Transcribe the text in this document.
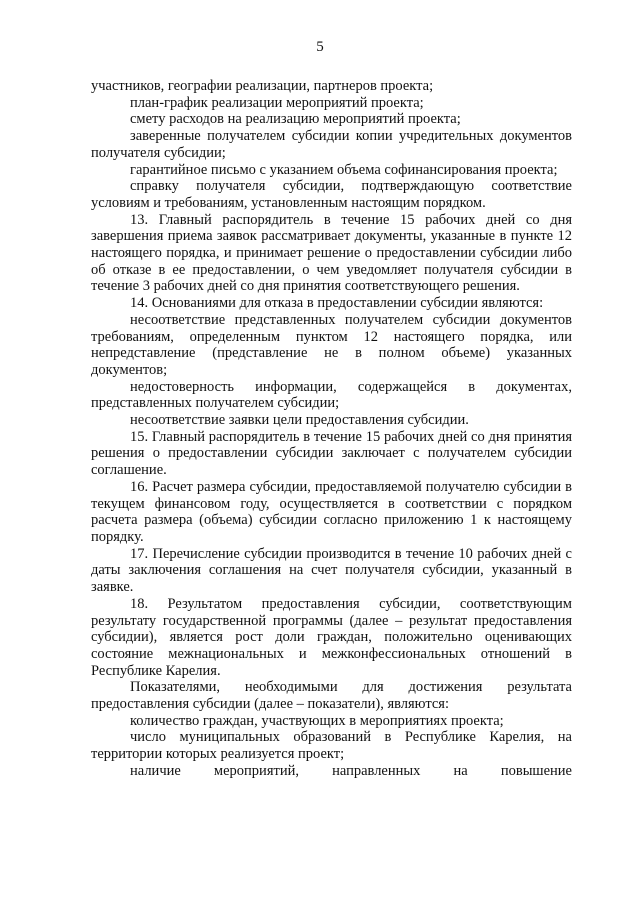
5

участников, географии реализации, партнеров проекта;

план-график реализации мероприятий проекта;

смету расходов на реализацию мероприятий проекта;

заверенные получателем субсидии копии учредительных документов получателя субсидии;

гарантийное письмо с указанием объема софинансирования проекта;

справку получателя субсидии, подтверждающую соответствие условиям и требованиям, установленным настоящим порядком.

13. Главный распорядитель в течение 15 рабочих дней со дня завершения приема заявок рассматривает документы, указанные в пункте 12 настоящего порядка, и принимает решение о предоставлении субсидии либо об отказе в ее предоставлении, о чем уведомляет получателя субсидии в течение 3 рабочих дней со дня принятия соответствующего решения.

14. Основаниями для отказа в предоставлении субсидии являются:

несоответствие представленных получателем субсидии документов требованиям, определенным пунктом 12 настоящего порядка, или непредставление (представление не в полном объеме) указанных документов;

недостоверность информации, содержащейся в документах, представленных получателем субсидии;

несоответствие заявки цели предоставления субсидии.

15. Главный распорядитель в течение 15 рабочих дней со дня принятия решения о предоставлении субсидии заключает с получателем субсидии соглашение.

16. Расчет размера субсидии, предоставляемой получателю субсидии в текущем финансовом году, осуществляется в соответствии с порядком расчета размера (объема) субсидии согласно приложению 1 к настоящему порядку.

17. Перечисление субсидии производится в течение 10 рабочих дней с даты заключения соглашения на счет получателя субсидии, указанный в заявке.

18. Результатом предоставления субсидии, соответствующим результату государственной программы (далее – результат предоставления субсидии), является рост доли граждан, положительно оценивающих состояние межнациональных и межконфессиональных отношений в Республике Карелия.

Показателями, необходимыми для достижения результата предоставления субсидии (далее – показатели), являются:

количество граждан, участвующих в мероприятиях проекта;

число муниципальных образований в Республике Карелия, на территории которых реализуется проект;

наличие мероприятий, направленных на повышение
